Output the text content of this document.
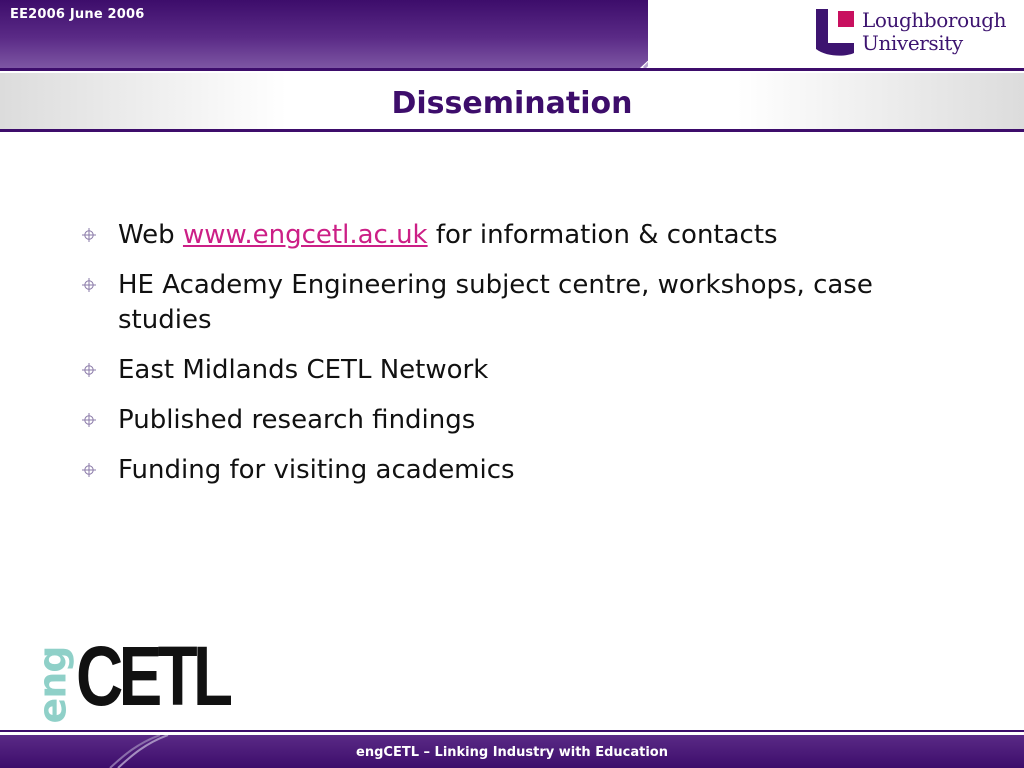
EE2006 June 2006	Loughborough
University
Dissemination
Web www.engcetl.ac.uk for information & contacts
HE Academy Engineering subject centre, workshops, case studies
East Midlands CETL Network
Published research findings
Funding for visiting academics
eng CETL
engCETL – Linking Industry with Education
